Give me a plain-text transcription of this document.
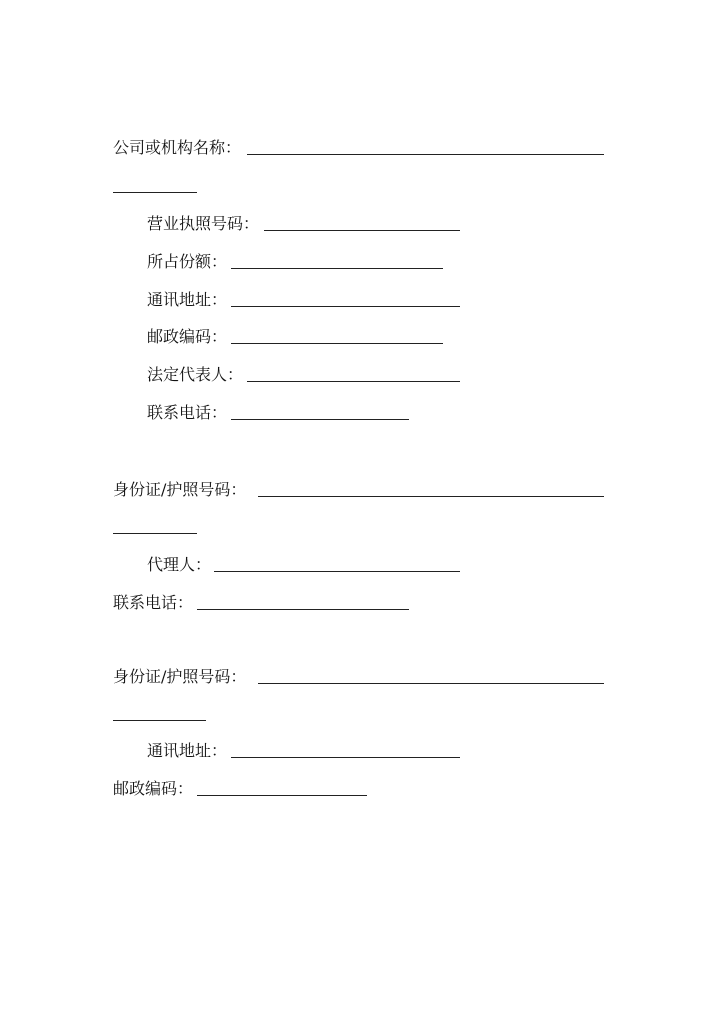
公司或机构名称：
营业执照号码：
所占份额：
通讯地址：
邮政编码：
法定代表人：
联系电话：
身份证/护照号码：
代理人：
联系电话：
身份证/护照号码：
通讯地址：
邮政编码：
